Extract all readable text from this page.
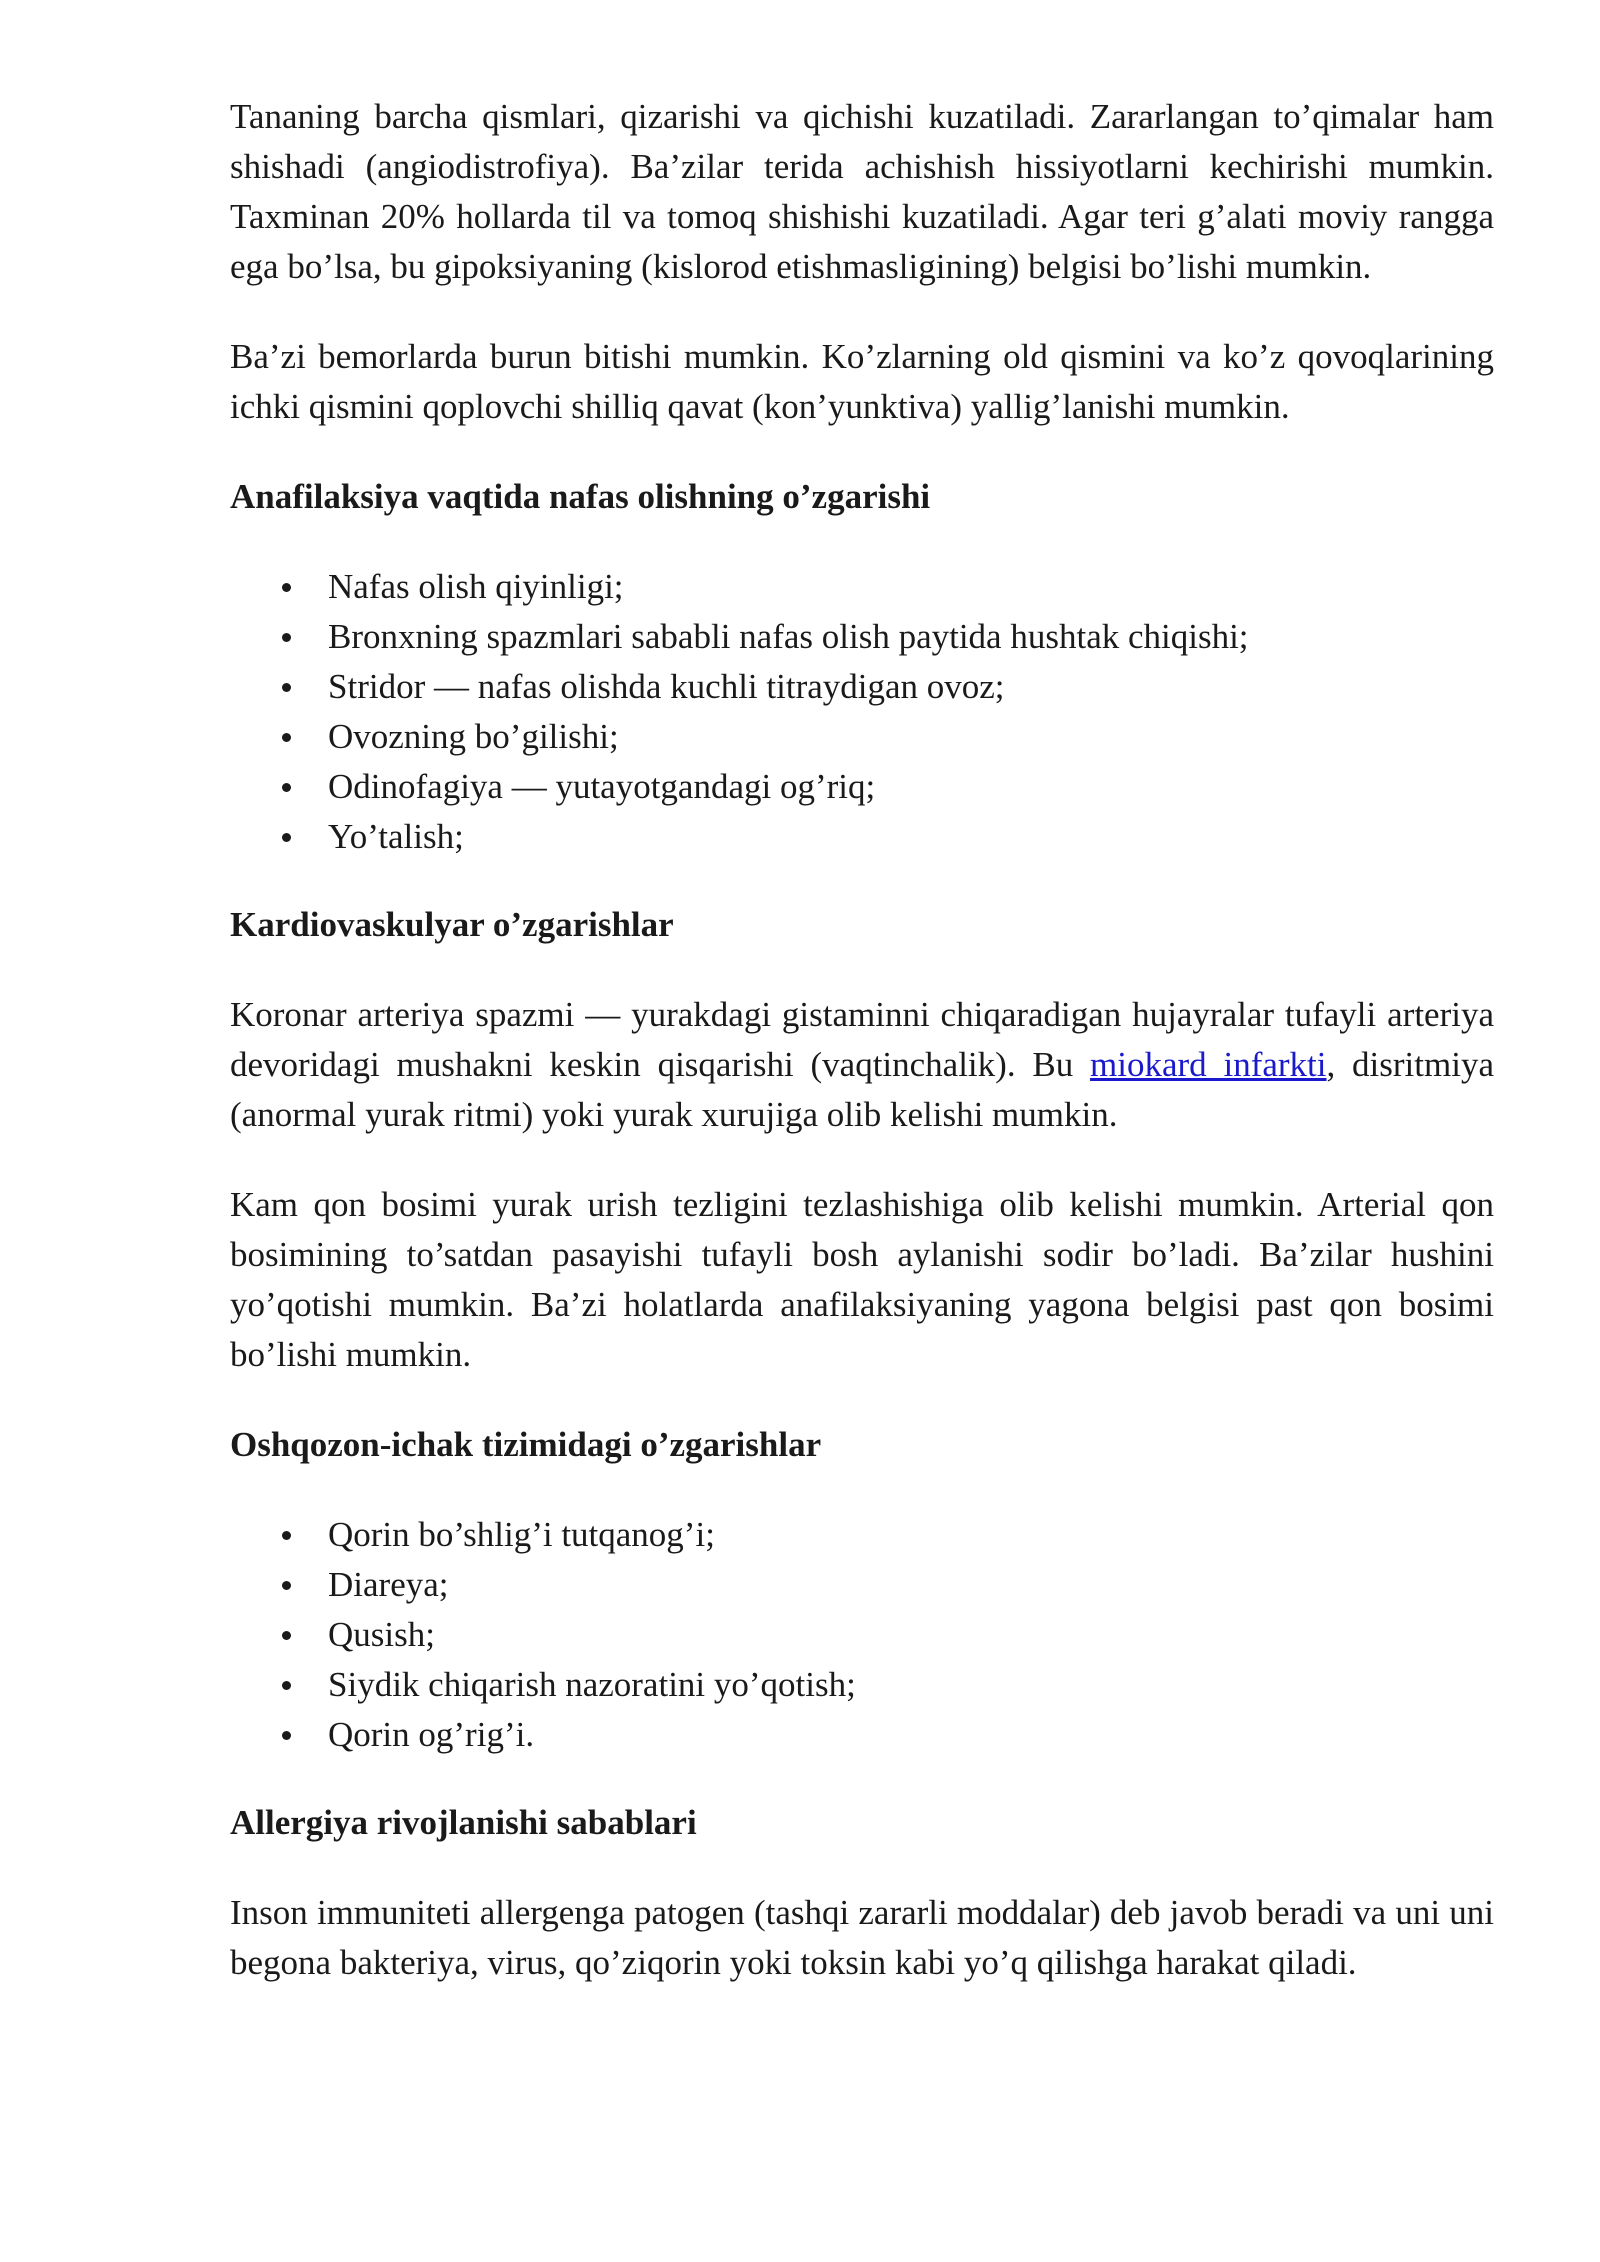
Tananing barcha qismlari, qizarishi va qichishi kuzatiladi. Zararlangan to’qimalar ham shishadi (angiodistrofiya). Ba’zilar terida achishish hissiyotlarni kechirishi mumkin. Taxminan 20% hollarda til va tomoq shishishi kuzatiladi. Agar teri g’alati moviy rangga ega bo’lsa, bu gipoksiyaning (kislorod etishmasligining) belgisi bo’lishi mumkin.

Ba’zi bemorlarda burun bitishi mumkin. Ko’zlarning old qismini va ko’z qovoqlarining ichki qismini qoplovchi shilliq qavat (kon’yunktiva) yallig’lanishi mumkin.

Anafilaksiya vaqtida nafas olishning o’zgarishi
Nafas olish qiyinligi;
Bronxning spazmlari sababli nafas olish paytida hushtak chiqishi;
Stridor — nafas olishda kuchli titraydigan ovoz;
Ovozning bo’gilishi;
Odinofagiya — yutayotgandagi og’riq;
Yo’talish;
Kardiovaskulyar o’zgarishlar

Koronar arteriya spazmi — yurakdagi gistaminni chiqaradigan hujayralar tufayli arteriya devoridagi mushakni keskin qisqarishi (vaqtinchalik). Bu miokard infarkti, disritmiya (anormal yurak ritmi) yoki yurak xurujiga olib kelishi mumkin.

Kam qon bosimi yurak urish tezligini tezlashishiga olib kelishi mumkin. Arterial qon bosimining to’satdan pasayishi tufayli bosh aylanishi sodir bo’ladi. Ba’zilar hushini yo’qotishi mumkin. Ba’zi holatlarda anafilaksiyaning yagona belgisi past qon bosimi bo’lishi mumkin.

Oshqozon-ichak tizimidagi o’zgarishlar
Qorin bo’shlig’i tutqanog’i;
Diareya;
Qusish;
Siydik chiqarish nazoratini yo’qotish;
Qorin og’rig’i.
Allergiya rivojlanishi sabablari

Inson immuniteti allergenga patogen (tashqi zararli moddalar) deb javob beradi va uni uni begona bakteriya, virus, qo’ziqorin yoki toksin kabi yo’q qilishga harakat qiladi.
